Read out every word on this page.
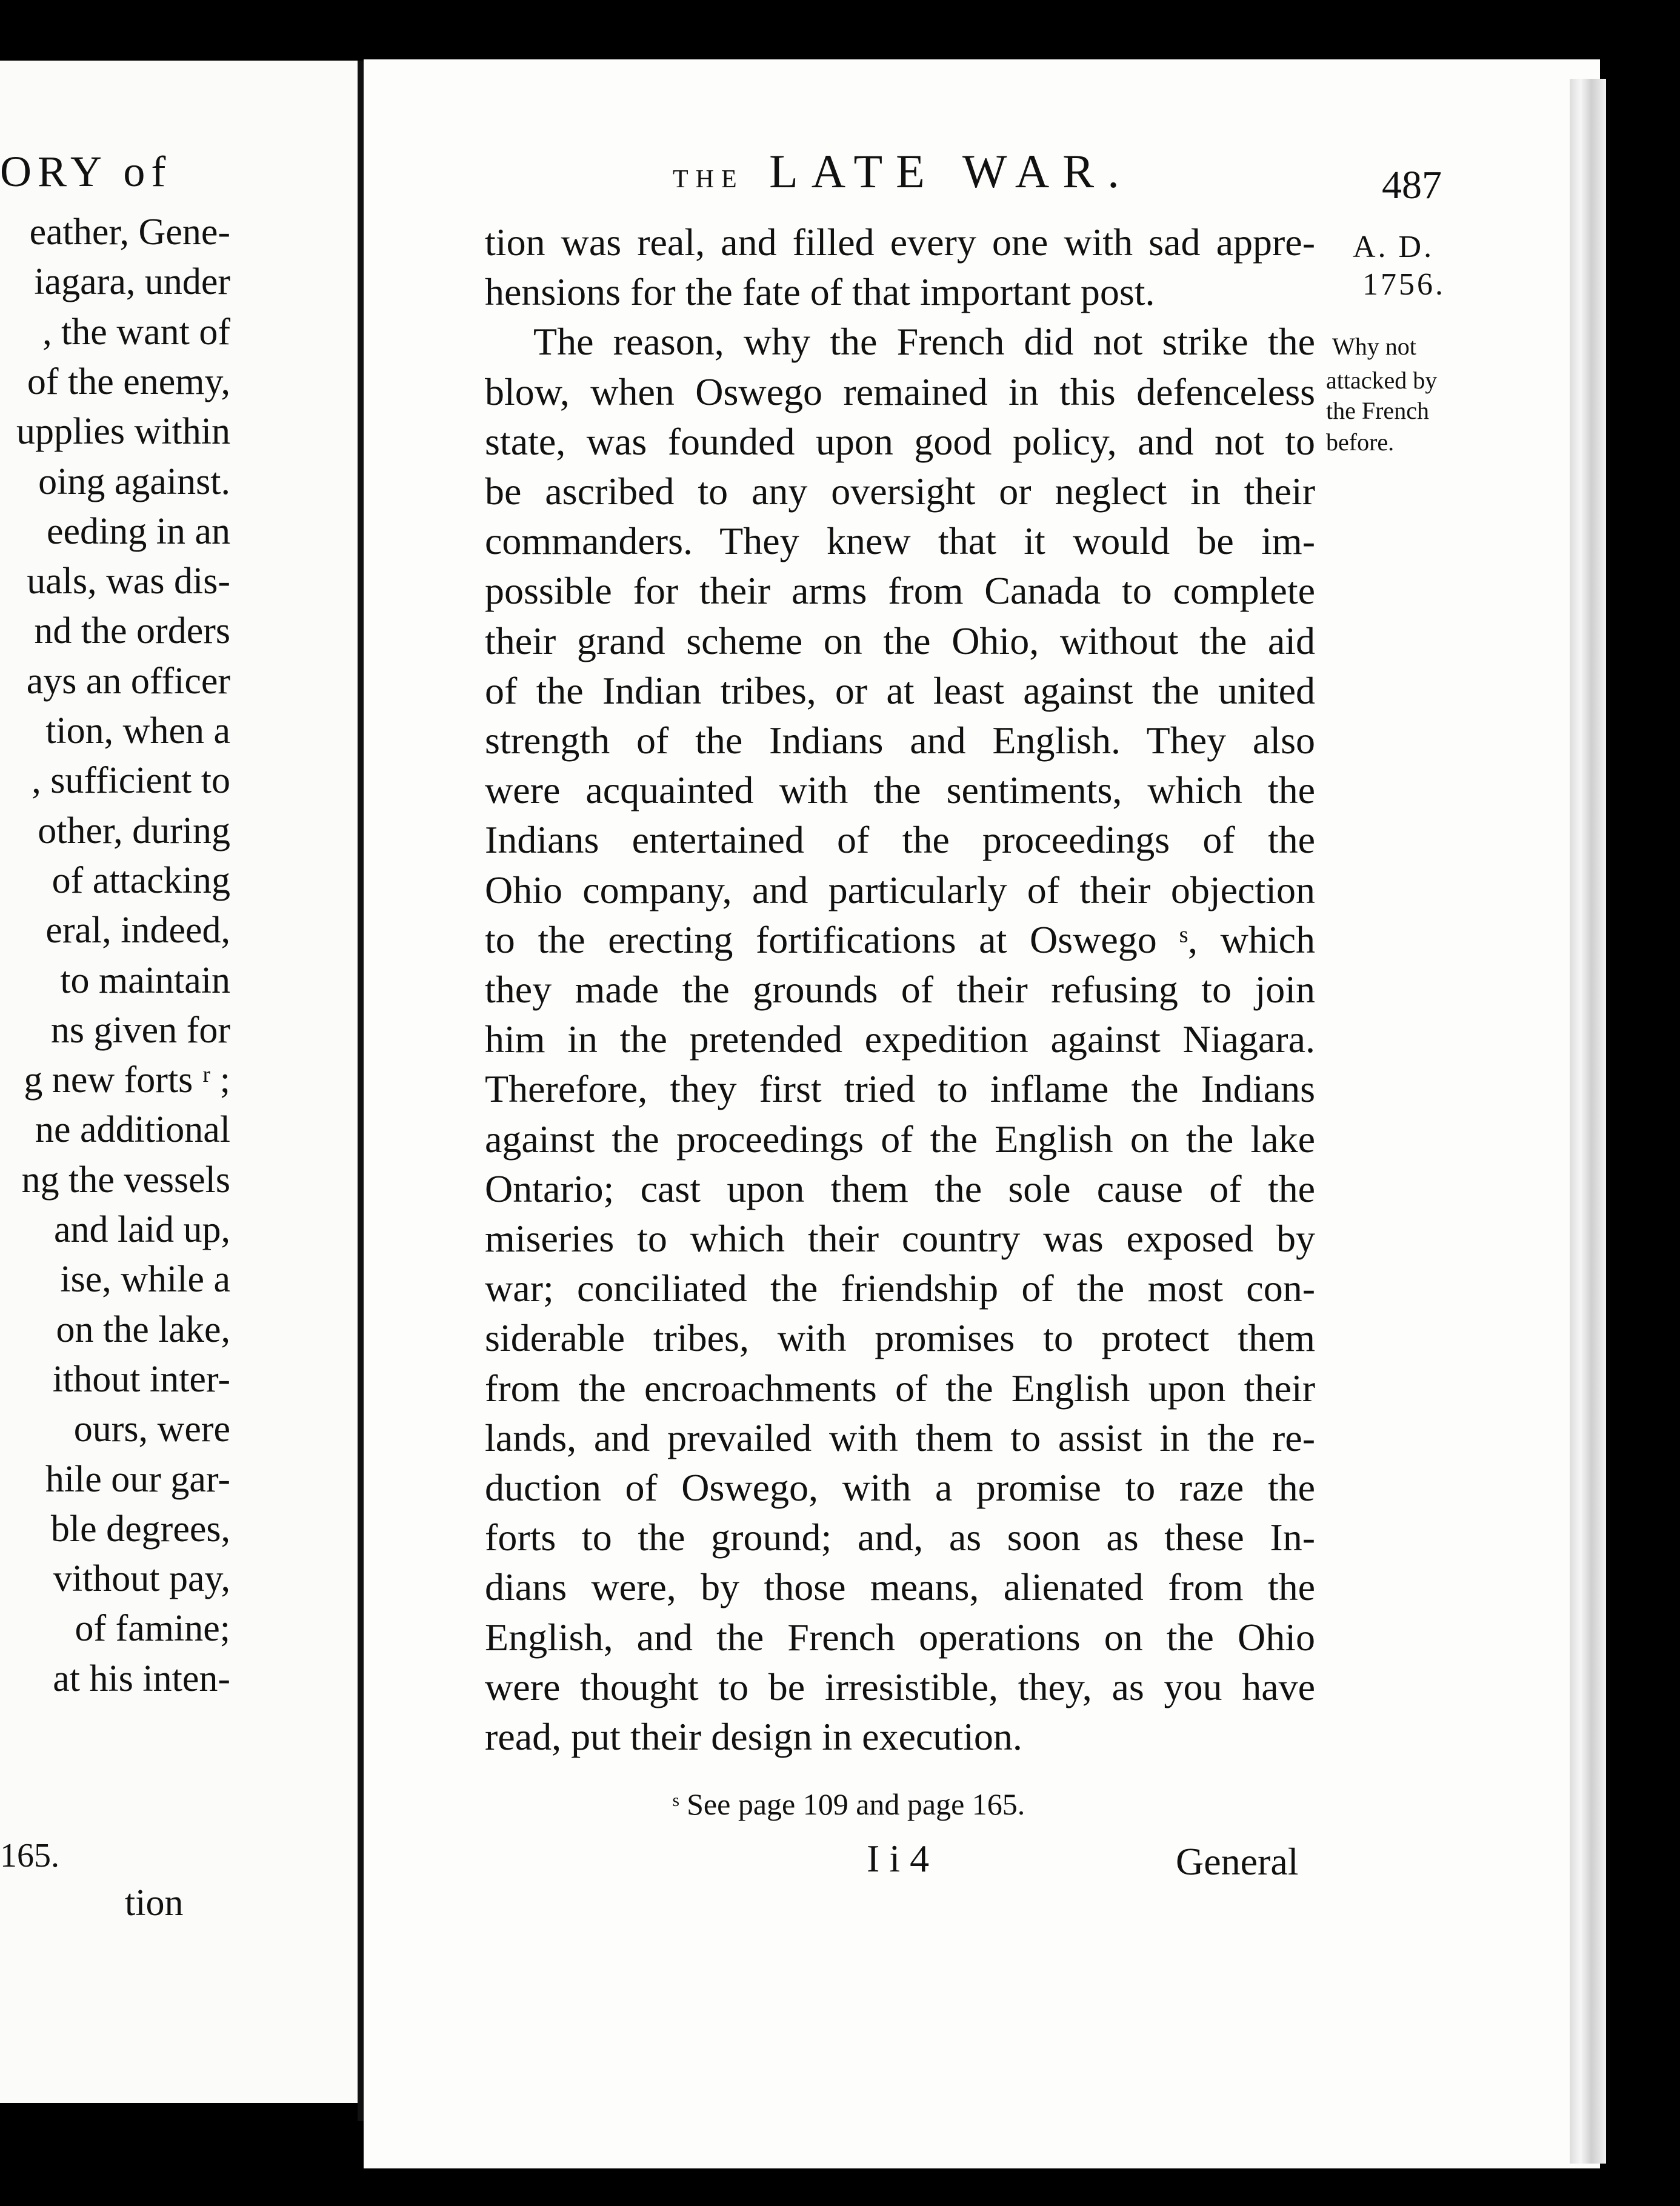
ORY of
eather, Gene-
iagara, under
, the want of
of the enemy,
upplies within
oing against.
eeding in an
uals, was dis-
nd the orders
ays an officer
tion, when a
, sufficient to
other, during
of attacking
eral, indeed,
to maintain
ns given for
g new forts ʳ ;
ne additional
ng the vessels
and laid up,
ise, while a
on the lake,
ithout inter-
ours, were
hile our gar-
ble degrees,
vithout pay,
of famine;
at his inten-
165.
tion
THE LATE WAR.	487
tion was real, and filled every one with sad appre-
hensions for the fate of that important post.
The reason, why the French did not strike the
blow, when Oswego remained in this defenceless
state, was founded upon good policy, and not to
be ascribed to any oversight or neglect in their
commanders. They knew that it would be im-
possible for their arms from Canada to complete
their grand scheme on the Ohio, without the aid
of the Indian tribes, or at least against the united
strength of the Indians and English. They also
were acquainted with the sentiments, which the
Indians entertained of the proceedings of the
Ohio company, and particularly of their objection
to the erecting fortifications at Oswego ˢ, which
they made the grounds of their refusing to join
him in the pretended expedition against Niagara.
Therefore, they first tried to inflame the Indians
against the proceedings of the English on the lake
Ontario; cast upon them the sole cause of the
miseries to which their country was exposed by
war; conciliated the friendship of the most con-
siderable tribes, with promises to protect them
from the encroachments of the English upon their
lands, and prevailed with them to assist in the re-
duction of Oswego, with a promise to raze the
forts to the ground; and, as soon as these In-
dians were, by those means, alienated from the
English, and the French operations on the Ohio
were thought to be irresistible, they, as you have
read, put their design in execution.
A. D.
1756.
Why not
attacked by
the French
before.
ˢ See page 109 and page 165.
I i 4	General
